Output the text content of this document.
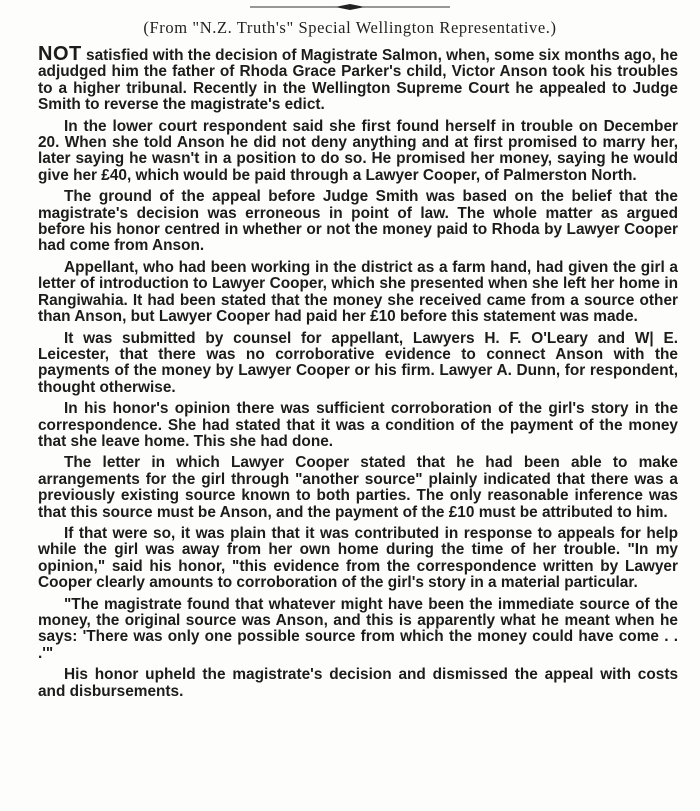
(From "N.Z. Truth's" Special Wellington Representative.)

NOT satisfied with the decision of Magistrate Salmon, when, some six months ago, he adjudged him the father of Rhoda Grace Parker's child, Victor Anson took his troubles to a higher tribunal. Recently in the Wellington Supreme Court he appealed to Judge Smith to reverse the magistrate's edict.

In the lower court respondent said she first found herself in trouble on December 20. When she told Anson he did not deny anything and at first promised to marry her, later saying he wasn't in a position to do so. He promised her money, saying he would give her £40, which would be paid through a Lawyer Cooper, of Palmerston North.

The ground of the appeal before Judge Smith was based on the belief that the magistrate's decision was erroneous in point of law. The whole matter as argued before his honor centred in whether or not the money paid to Rhoda by Lawyer Cooper had come from Anson.

Appellant, who had been working in the district as a farm hand, had given the girl a letter of introduction to Lawyer Cooper, which she presented when she left her home in Rangiwahia. It had been stated that the money she received came from a source other than Anson, but Lawyer Cooper had paid her £10 before this statement was made.

It was submitted by counsel for appellant, Lawyers H. F. O'Leary and W| E. Leicester, that there was no corroborative evidence to connect Anson with the payments of the money by Lawyer Cooper or his firm. Lawyer A. Dunn, for respondent, thought otherwise.

In his honor's opinion there was sufficient corroboration of the girl's story in the correspondence. She had stated that it was a condition of the payment of the money that she leave home. This she had done.

The letter in which Lawyer Cooper stated that he had been able to make arrangements for the girl through "another source" plainly indicated that there was a previously existing source known to both parties. The only reasonable inference was that this source must be Anson, and the payment of the £10 must be attributed to him.

If that were so, it was plain that it was contributed in response to appeals for help while the girl was away from her own home during the time of her trouble. "In my opinion," said his honor, "this evidence from the correspondence written by Lawyer Cooper clearly amounts to corroboration of the girl's story in a material particular.

"The magistrate found that whatever might have been the immediate source of the money, the original source was Anson, and this is apparently what he meant when he says: 'There was only one possible source from which the money could have come . . .'"

His honor upheld the magistrate's decision and dismissed the appeal with costs and disbursements.
